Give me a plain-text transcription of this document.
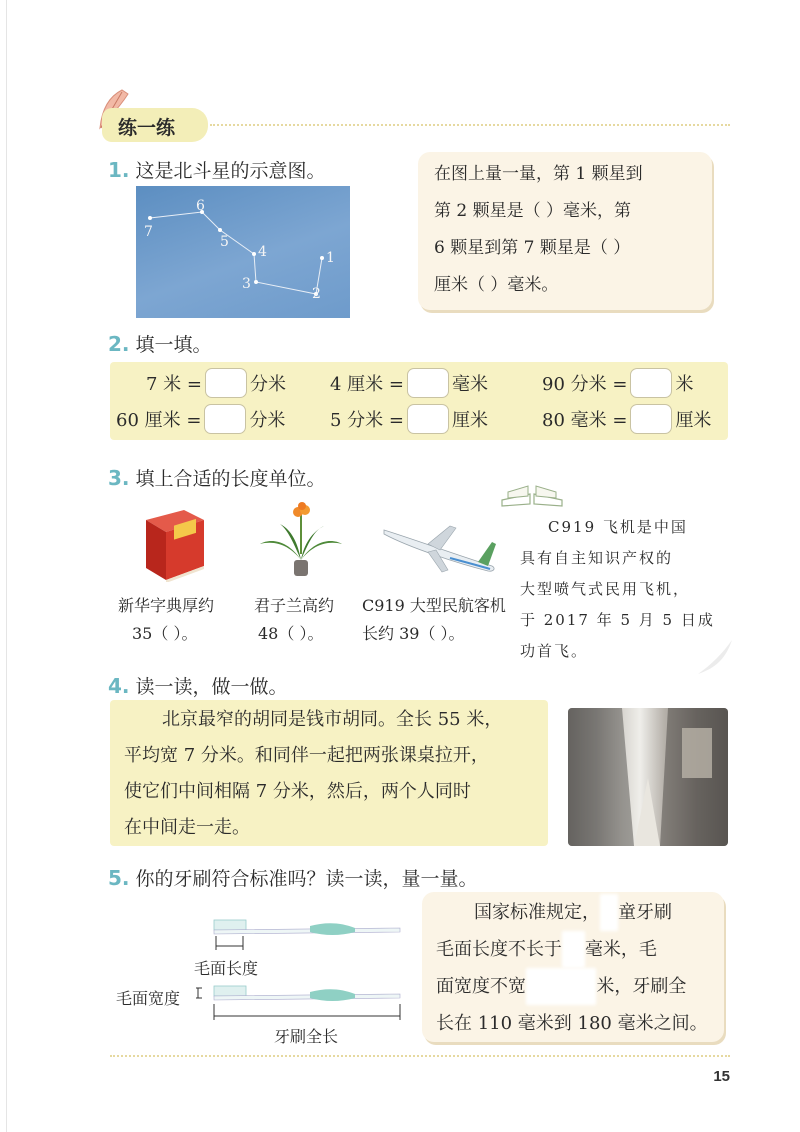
练一练
1. 这是北斗星的示意图。
1
2
3
4
5
6
7
在图上量一量，第 1 颗星到
第 2 颗星是（ ）毫米，第
6 颗星到第 7 颗星是（ ）
厘米（ ）毫米。
2. 填一填。
7 米 =	分米 4 厘米 =	毫米	90 分米 =	米
60 厘米 =	分米 5 分米 =	厘米	80 毫米 =	厘米
3. 填上合适的长度单位。
新华字典厚约
35（ ）。
君子兰高约
48（ ）。
C919 大型民航客机
长约 39（ ）。
C919 飞机是中国
具有自主知识产权的
大型喷气式民用飞机，
于 2017 年 5 月 5 日成
功首飞。
4. 读一读，做一做。
北京最窄的胡同是钱市胡同。全长 55 米，
平均宽 7 分米。和同伴一起把两张课桌拉开，
使它们中间相隔 7 分米，然后，两个人同时
在中间走一走。
5. 你的牙刷符合标准吗？读一读，量一量。
毛面长度
毛面宽度
牙刷全长
国家标准规定， 童牙刷
毛面长度不长于 毫米，毛
面宽度不宽	米，牙刷全
长在 110 毫米到 180 毫米之间。
15
